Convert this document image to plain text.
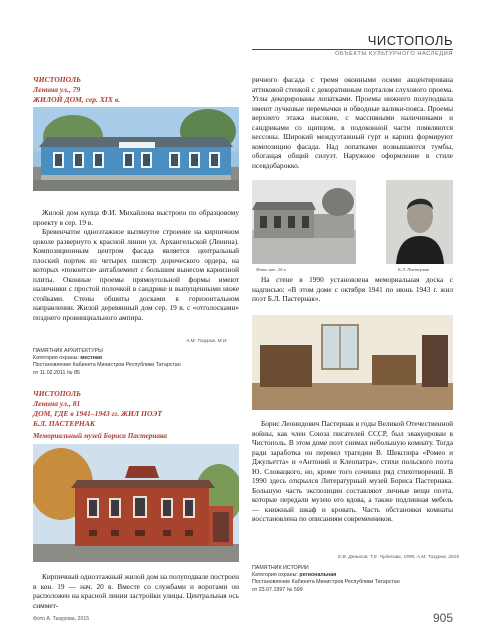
ЧИСТОПОЛЬ
ОБЪЕКТЫ КУЛЬТУРНОГО НАСЛЕДИЯ
ЧИСТОПОЛЬ
Ленина ул., 79
ЖИЛОЙ ДОМ, сер. XIX в.

Жилой дом купца Ф.И. Михайлова выстроен по образцовому проекту в сер. 19 в.

Бревенчатое одноэтажное вытянутое строение на кирпичном цоколе развернуто к красной линии ул. Архангельской (Ленина). Композиционным центром фасада является центральный плоский портик из четырех пилястр дорического ордера, на которых «покоится» антаблемент с большим вынесом карнизной плиты. Оконные проемы прямоугольной формы имеют наличники с простой полочкой в сандрике и выпущенными ниже стойками. Стены обшиты досками в горизонтальном направлении. Жилой деревянный дом сер. 19 в. с «отголосками» позднего провинциального ампира.

А.М. Тазуров, М.И.

ричного фасада с тремя оконными осями акцентирована аттиковой стенкой с декоративным порталом слухового проема. Углы декорированы лопатками. Проемы нижнего полуподвала имеют лучковые перемычки и обводные валики-пояса. Проемы верхнего этажа высокие, с массивными наличниками и сандриками со щипцом, в подоконной части появляются кессоны. Широкий междуэтажный гурт и карниз формируют композицию фасада. Над лопатками возвышаются тумбы, обогащая общий силуэт. Наружное оформление в стиле псевдобарокко.

ПАМЯТНИК АРХИТЕКТУРЫ
Категория охраны: местная
Постановление Кабинета Министров Республики Татарстан
от 11.02.2011 № 85
Фото нач. 20 в.	Б.Л. Пастернак

На стене в 1990 установлена мемориальная доска с надписью: «В этом доме с октября 1941 по июнь 1943 г. жил поэт Б.Л. Пастернак».

ЧИСТОПОЛЬ
Ленина ул., 81
ДОМ, ГДЕ в 1941–1943 гг. ЖИЛ ПОЭТ
Б.Л. ПАСТЕРНАК
Мемориальный музей Бориса Пастернака

Кирпичный одноэтажный жилой дом на полуподвале построен в кон. 19 — нач. 20 в. Вместе со службами и воротами он расположен на красной линии застройки улицы. Центральная ось симмет-

Борис Леонидович Пастернак в годы Великой Отечественной войны, как член Союза писателей СССР, был эвакуирован в Чистополь. В этом доме поэт снимал небольшую комнату. Тогда ради заработка он перевел трагедии В. Шекспира «Ромео и Джульетта» и «Антоний и Клеопатра», стихи польского поэта Ю. Словацкого, но, кроме того сочинил ряд стихотворений. В 1990 здесь открылся Литературный музей Бориса Пастернака. Большую часть экспозиции составляют личные вещи поэта, которые передали музею его вдова, а также подлинная мебель — книжный шкаф и кровать. Часть обстановки комнаты восстановлена по описаниям современников.

Е.В. Денисов, Т.Е. Чудесова, 1999, А.М. Тазуров, 2015
ПАМЯТНИК ИСТОРИИ
Категория охраны: региональная
Постановление Кабинета Министров Республики Татарстан
от 23.07.1997 № 599
Фото А. Тазурова, 2015	905
